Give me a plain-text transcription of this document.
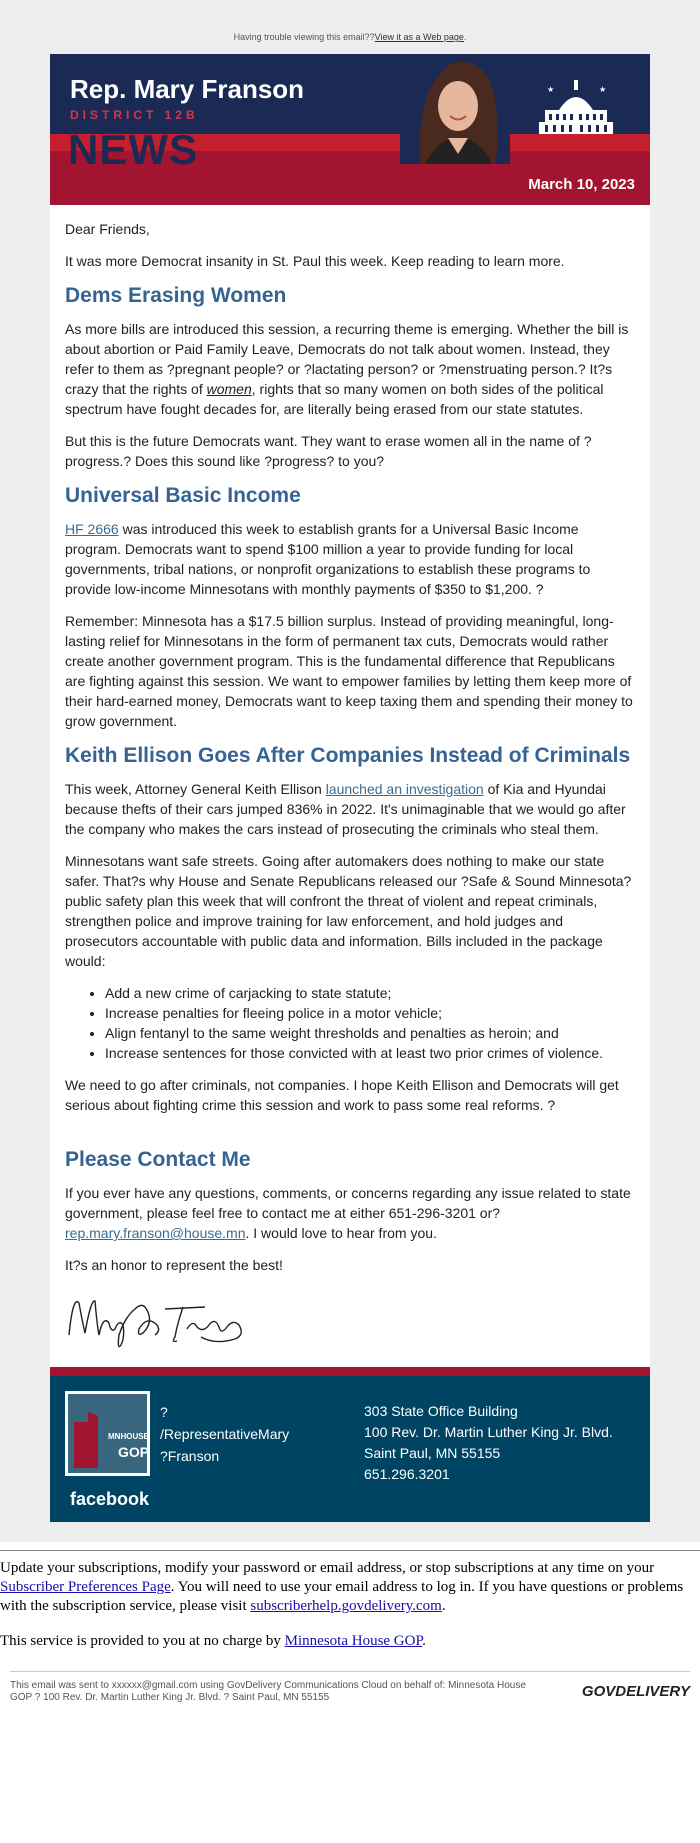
Having trouble viewing this email??View it as a Web page.
Rep. Mary Franson
DISTRICT 12B
NEWS
★	★
March 10, 2023

Dear Friends,

It was more Democrat insanity in St. Paul this week. Keep reading to learn more.

Dems Erasing Women

As more bills are introduced this session, a recurring theme is emerging. Whether the bill is about abortion or Paid Family Leave, Democrats do not talk about women. Instead, they refer to them as ?pregnant people? or ?lactating person? or ?menstruating person.? It?s crazy that the rights of women, rights that so many women on both sides of the political spectrum have fought decades for, are literally being erased from our state statutes.

But this is the future Democrats want. They want to erase women all in the name of ?progress.? Does this sound like ?progress? to you?

Universal Basic Income

HF 2666 was introduced this week to establish grants for a Universal Basic Income program. Democrats want to spend $100 million a year to provide funding for local governments, tribal nations, or nonprofit organizations to establish these programs to provide low-income Minnesotans with monthly payments of $350 to $1,200. ?

Remember: Minnesota has a $17.5 billion surplus. Instead of providing meaningful, long-lasting relief for Minnesotans in the form of permanent tax cuts, Democrats would rather create another government program. This is the fundamental difference that Republicans are fighting against this session. We want to empower families by letting them keep more of their hard-earned money, Democrats want to keep taxing them and spending their money to grow government.

Keith Ellison Goes After Companies Instead of Criminals

This week, Attorney General Keith Ellison launched an investigation of Kia and Hyundai because thefts of their cars jumped 836% in 2022. It's unimaginable that we would go after the company who makes the cars instead of prosecuting the criminals who steal them.

Minnesotans want safe streets. Going after automakers does nothing to make our state safer. That?s why House and Senate Republicans released our ?Safe & Sound Minnesota? public safety plan this week that will confront the threat of violent and repeat criminals, strengthen police and improve training for law enforcement, and hold judges and prosecutors accountable with public data and information. Bills included in the package would:

• Add a new crime of carjacking to state statute;
• Increase penalties for fleeing police in a motor vehicle;
• Align fentanyl to the same weight thresholds and penalties as heroin; and
• Increase sentences for those convicted with at least two prior crimes of violence.

We need to go after criminals, not companies. I hope Keith Ellison and Democrats will get serious about fighting crime this session and work to pass some real reforms. ?

Please Contact Me

If you ever have any questions, comments, or concerns regarding any issue related to state government, please feel free to contact me at either 651-296-3201 or? rep.mary.franson@house.mn. I would love to hear from you.

It?s an honor to represent the best!

MNHOUSE
GOP
facebook
?
/RepresentativeMary
?Franson
303 State Office Building
100 Rev. Dr. Martin Luther King Jr. Blvd.
Saint Paul, MN 55155
651.296.3201

Update your subscriptions, modify your password or email address, or stop subscriptions at any time on your Subscriber Preferences Page. You will need to use your email address to log in. If you have questions or problems with the subscription service, please visit subscriberhelp.govdelivery.com.

This service is provided to you at no charge by Minnesota House GOP.

This email was sent to xxxxxx@gmail.com using GovDelivery Communications Cloud on behalf of: Minnesota House GOP ? 100 Rev. Dr. Martin Luther King Jr. Blvd. ? Saint Paul, MN 55155	GOVDELIVERY
